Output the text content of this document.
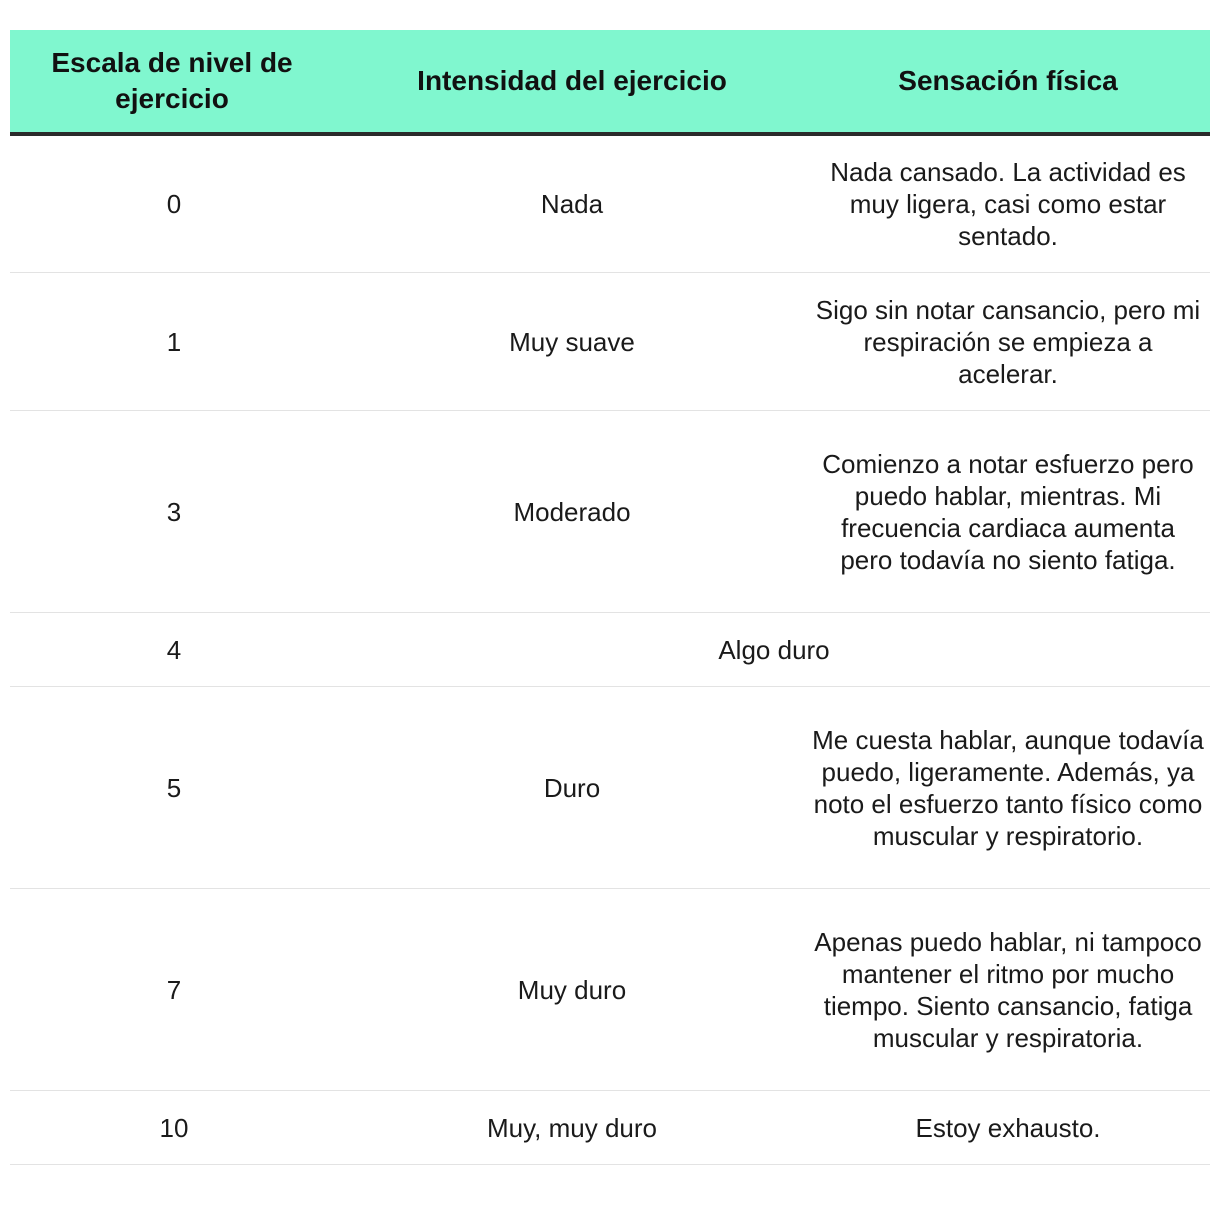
Escala de nivel de ejercicio	Intensidad del ejercicio	Sensación física
0	Nada	Nada cansado. La actividad es muy ligera, casi como estar sentado.
1	Muy suave	Sigo sin notar cansancio, pero mi respiración se empieza a acelerar.
3	Moderado	Comienzo a notar esfuerzo pero puedo hablar, mientras. Mi frecuencia cardiaca aumenta pero todavía no siento fatiga.
4	Algo duro	
5	Duro	Me cuesta hablar, aunque todavía puedo, ligeramente. Además, ya noto el esfuerzo tanto físico como muscular y respiratorio.
7	Muy duro	Apenas puedo hablar, ni tampoco mantener el ritmo por mucho tiempo. Siento cansancio, fatiga muscular y respiratoria.
10	Muy, muy duro	Estoy exhausto.
